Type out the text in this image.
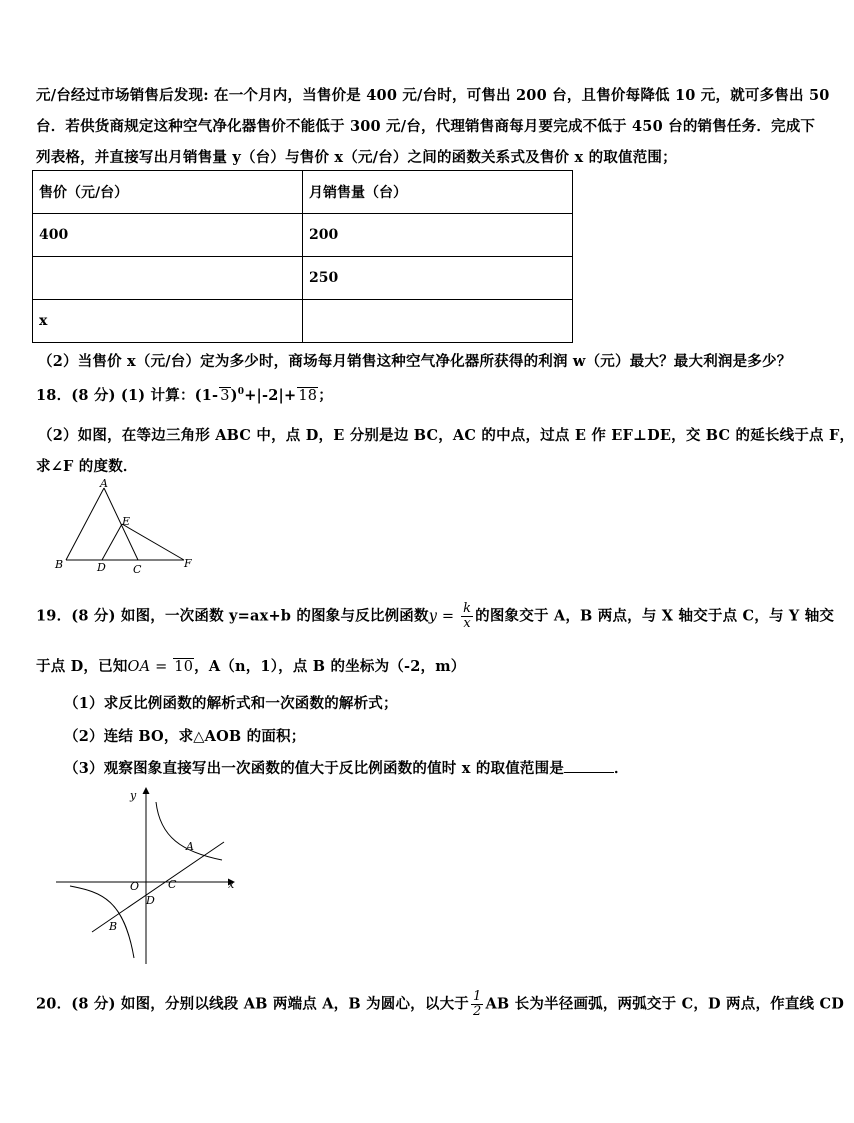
元/台经过市场销售后发现: 在一个月内，当售价是 400 元/台时，可售出 200 台，且售价每降低 10 元，就可多售出 50
台．若供货商规定这种空气净化器售价不能低于 300 元/台，代理销售商每月要完成不低于 450 台的销售任务．完成下
列表格，并直接写出月销售量 y（台）与售价 x（元/台）之间的函数关系式及售价 x 的取值范围；
售价（元/台）	月销售量（台）
400	200
	250
x	
（2）当售价 x（元/台）定为多少时，商场每月销售这种空气净化器所获得的利润 w（元）最大？最大利润是多少？
18．(8 分) (1) 计算：(1- 3)$^0$+|-2|+ 18；
（2）如图，在等边三角形 ABC 中，点 D，E 分别是边 BC，AC 的中点，过点 E 作 EF⊥DE，交 BC 的延长线于点 F，
求∠F 的度数．
A
B	D C
E
F
19．(8 分) 如图，一次函数 y=ax+b 的图象与反比例函数$y = \frac{k}{x}$ 的图象交于 A，B 两点，与 X 轴交于点 C，与 Y 轴交
于点 D，已知OA = 10，A（n，1），点 B 的坐标为（-2，m）
（1）求反比例函数的解析式和一次函数的解析式；
（2）连结 BO，求△AOB 的面积；
（3）观察图象直接写出一次函数的值大于反比例函数的值时 x 的取值范围是	．
y
x
O
A
C
D
B
20．(8 分) 如图，分别以线段 AB 两端点 A，B 为圆心，以大于 $\frac{1}{2}$ AB 长为半径画弧，两弧交于 C，D 两点，作直线 CD
